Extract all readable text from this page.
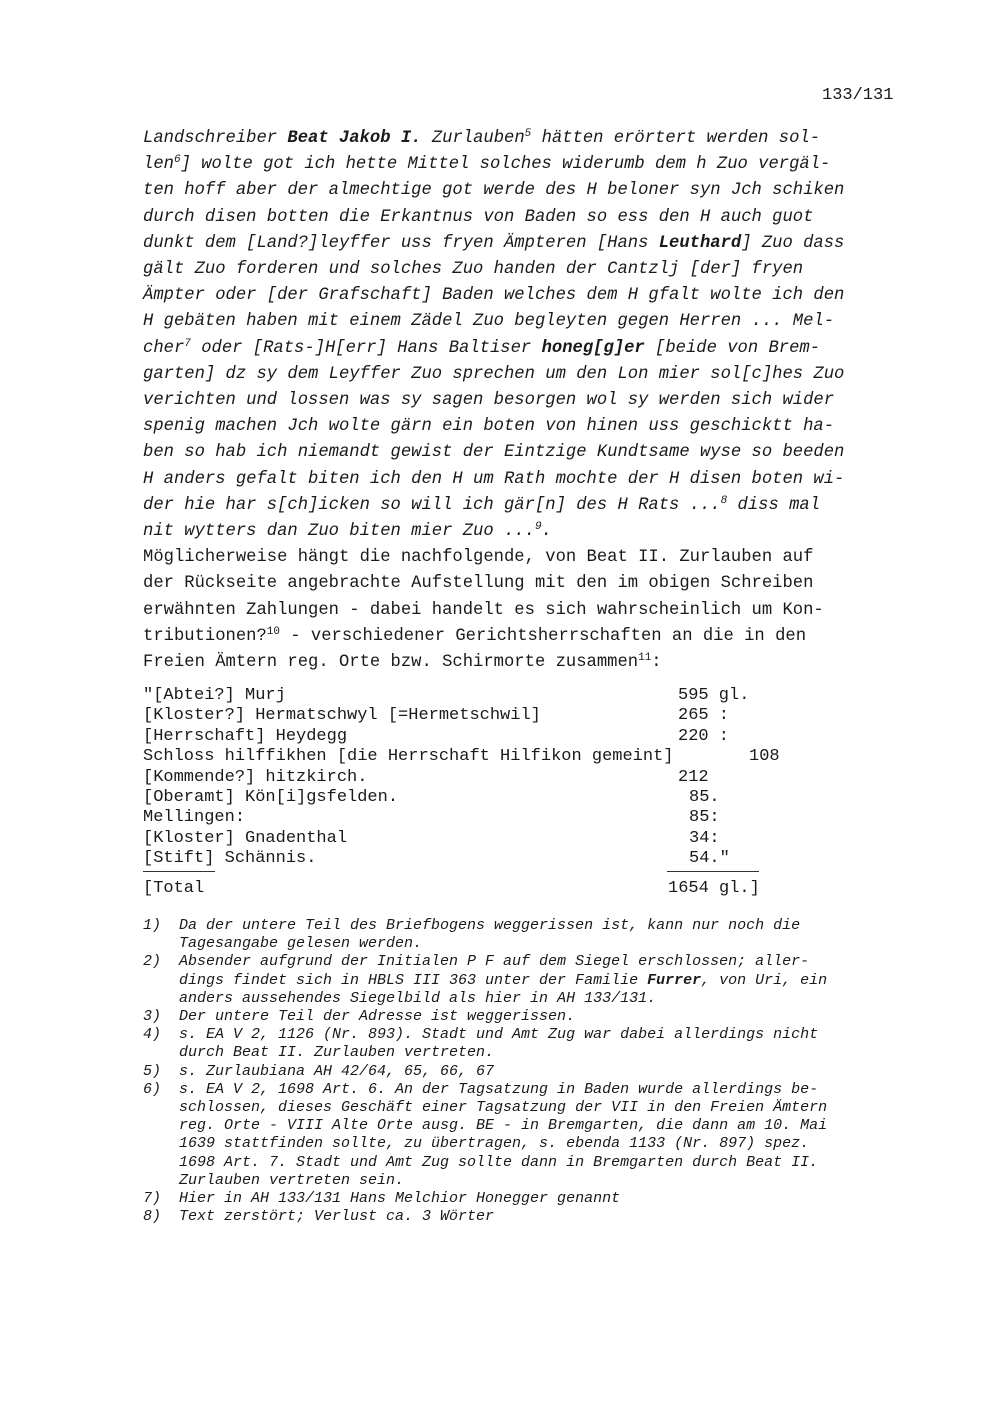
133/131
Landschreiber Beat Jakob I. Zurlauben$^5$ hätten erörtert werden sol-
len$^6$] wolte got ich hette Mittel solches widerumb dem h Zuo vergäl-
ten hoff aber der almechtige got werde des H beloner syn Jch schiken
durch disen botten die Erkantnus von Baden so ess den H auch guot
dunkt dem [Land?]leyffer uss fryen Ämpteren [Hans Leuthard] Zuo dass
gält Zuo forderen und solches Zuo handen der Cantzlj [der] fryen
Ämpter oder [der Grafschaft] Baden welches dem H gfalt wolte ich den
H gebäten haben mit einem Zädel Zuo begleyten gegen Herren ... Mel-
cher$^7$ oder [Rats-]H[err] Hans Baltiser honeg[g]er [beide von Brem-
garten] dz sy dem Leyffer Zuo sprechen um den Lon mier sol[c]hes Zuo
verichten und lossen was sy sagen besorgen wol sy werden sich wider
spenig machen Jch wolte gärn ein boten von hinen uss geschicktt ha-
ben so hab ich niemandt gewist der Eintzige Kundtsame wyse so beeden
H anders gefalt biten ich den H um Rath mochte der H disen boten wi-
der hie har s[ch]icken so will ich gär[n] des H Rats ...$^8$ diss mal
nit wytters dan Zuo biten mier Zuo ...$^9$.
Möglicherweise hängt die nachfolgende, von Beat II. Zurlauben auf
der Rückseite angebrachte Aufstellung mit den im obigen Schreiben
erwähnten Zahlungen - dabei handelt es sich wahrscheinlich um Kon-
tributionen?$^{10}$ - verschiedener Gerichtsherrschaften an die in den
Freien Ämtern reg. Orte bzw. Schirmorte zusammen$^{11}$:
"[Abtei?] Murj	595 gl.
[Kloster?] Hermatschwyl [=Hermetschwil]	265 :
[Herrschaft] Heydegg	220 :
Schloss hilffikhen [die Herrschaft Hilfikon gemeint]	108
[Kommende?] hitzkirch.	212
[Oberamt] Kön[i]gsfelden.	85.
Mellingen:	85:
[Kloster] Gnadenthal	34:
[Stift] Schännis.	54."
[Total	1654 gl.]
1) Da der untere Teil des Briefbogens weggerissen ist, kann nur noch die
Tagesangabe gelesen werden.
2) Absender aufgrund der Initialen P F auf dem Siegel erschlossen; aller-
dings findet sich in HBLS III 363 unter der Familie Furrer, von Uri, ein
anders aussehendes Siegelbild als hier in AH 133/131.
3) Der untere Teil der Adresse ist weggerissen.
4) s. EA V 2, 1126 (Nr. 893). Stadt und Amt Zug war dabei allerdings nicht
durch Beat II. Zurlauben vertreten.
5) s. Zurlaubiana AH 42/64, 65, 66, 67
6) s. EA V 2, 1698 Art. 6. An der Tagsatzung in Baden wurde allerdings be-
schlossen, dieses Geschäft einer Tagsatzung der VII in den Freien Ämtern
reg. Orte - VIII Alte Orte ausg. BE - in Bremgarten, die dann am 10. Mai
1639 stattfinden sollte, zu übertragen, s. ebenda 1133 (Nr. 897) spez.
1698 Art. 7. Stadt und Amt Zug sollte dann in Bremgarten durch Beat II.
Zurlauben vertreten sein.
7) Hier in AH 133/131 Hans Melchior Honegger genannt
8) Text zerstört; Verlust ca. 3 Wörter
